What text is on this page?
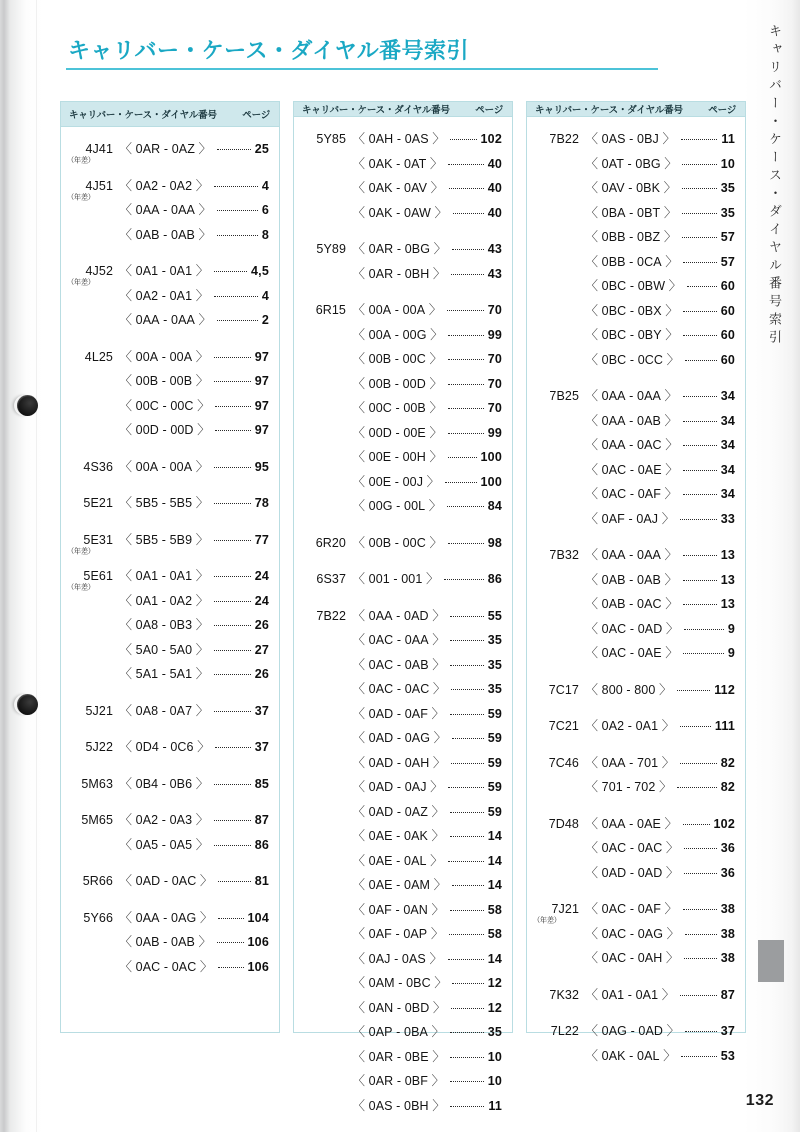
キャリバー・ケース・ダイヤル番号索引	キャリバー・ケース・ダイヤル番号索引
132
キャリバー・ケース・ダイヤル番号	ページ
4J41
（年差）
〈 0AR - 0AZ 〉	25
4J51
（年差）
〈 0A2 - 0A2 〉	4
〈 0AA - 0AA 〉	6
〈 0AB - 0AB 〉	8
4J52
（年差）
〈 0A1 - 0A1 〉	4,5
〈 0A2 - 0A1 〉	4
〈 0AA - 0AA 〉	2
4L25 〈 00A - 00A 〉	97
〈 00B - 00B 〉	97
〈 00C - 00C 〉	97
〈 00D - 00D 〉	97
4S36 〈 00A - 00A 〉	95
5E21 〈 5B5 - 5B5 〉	78
5E31
（年差）
〈 5B5 - 5B9 〉	77
5E61
（年差）
〈 0A1 - 0A1 〉	24
〈 0A1 - 0A2 〉	24
〈 0A8 - 0B3 〉	26
〈 5A0 - 5A0 〉	27
〈 5A1 - 5A1 〉	26
5J21 〈 0A8 - 0A7 〉	37
5J22 〈 0D4 - 0C6 〉	37
5M63 〈 0B4 - 0B6 〉	85
5M65 〈 0A2 - 0A3 〉	87
〈 0A5 - 0A5 〉	86
5R66 〈 0AD - 0AC 〉	81
5Y66 〈 0AA - 0AG 〉	104
〈 0AB - 0AB 〉	106
〈 0AC - 0AC 〉	106
キャリバー・ケース・ダイヤル番号	ページ
5Y85 〈 0AH - 0AS 〉	102
〈 0AK - 0AT 〉	40
〈 0AK - 0AV 〉	40
〈 0AK - 0AW 〉	40
5Y89 〈 0AR - 0BG 〉	43
〈 0AR - 0BH 〉	43
6R15 〈 00A - 00A 〉	70
〈 00A - 00G 〉	99
〈 00B - 00C 〉	70
〈 00B - 00D 〉	70
〈 00C - 00B 〉	70
〈 00D - 00E 〉	99
〈 00E - 00H 〉	100
〈 00E - 00J 〉	100
〈 00G - 00L 〉	84
6R20 〈 00B - 00C 〉	98
6S37 〈 001 - 001 〉	86
7B22 〈 0AA - 0AD 〉	55
〈 0AC - 0AA 〉	35
〈 0AC - 0AB 〉	35
〈 0AC - 0AC 〉	35
〈 0AD - 0AF 〉	59
〈 0AD - 0AG 〉	59
〈 0AD - 0AH 〉	59
〈 0AD - 0AJ 〉	59
〈 0AD - 0AZ 〉	59
〈 0AE - 0AK 〉	14
〈 0AE - 0AL 〉	14
〈 0AE - 0AM 〉	14
〈 0AF - 0AN 〉	58
〈 0AF - 0AP 〉	58
〈 0AJ - 0AS 〉	14
〈 0AM - 0BC 〉	12
〈 0AN - 0BD 〉	12
〈 0AP - 0BA 〉	35
〈 0AR - 0BE 〉	10
〈 0AR - 0BF 〉	10
〈 0AS - 0BH 〉	11
キャリバー・ケース・ダイヤル番号	ページ
7B22 〈 0AS - 0BJ 〉	11
〈 0AT - 0BG 〉	10
〈 0AV - 0BK 〉	35
〈 0BA - 0BT 〉	35
〈 0BB - 0BZ 〉	57
〈 0BB - 0CA 〉	57
〈 0BC - 0BW 〉	60
〈 0BC - 0BX 〉	60
〈 0BC - 0BY 〉	60
〈 0BC - 0CC 〉	60
7B25 〈 0AA - 0AA 〉	34
〈 0AA - 0AB 〉	34
〈 0AA - 0AC 〉	34
〈 0AC - 0AE 〉	34
〈 0AC - 0AF 〉	34
〈 0AF - 0AJ 〉	33
7B32 〈 0AA - 0AA 〉	13
〈 0AB - 0AB 〉	13
〈 0AB - 0AC 〉	13
〈 0AC - 0AD 〉	9
〈 0AC - 0AE 〉	9
7C17 〈 800 - 800 〉	112
7C21 〈 0A2 - 0A1 〉	111
7C46 〈 0AA - 701 〉	82
〈 701 - 702 〉	82
7D48 〈 0AA - 0AE 〉	102
〈 0AC - 0AC 〉	36
〈 0AD - 0AD 〉	36
7J21
（年差）
〈 0AC - 0AF 〉	38
〈 0AC - 0AG 〉	38
〈 0AC - 0AH 〉	38
7K32 〈 0A1 - 0A1 〉	87
7L22 〈 0AG - 0AD 〉	37
〈 0AK - 0AL 〉	53
